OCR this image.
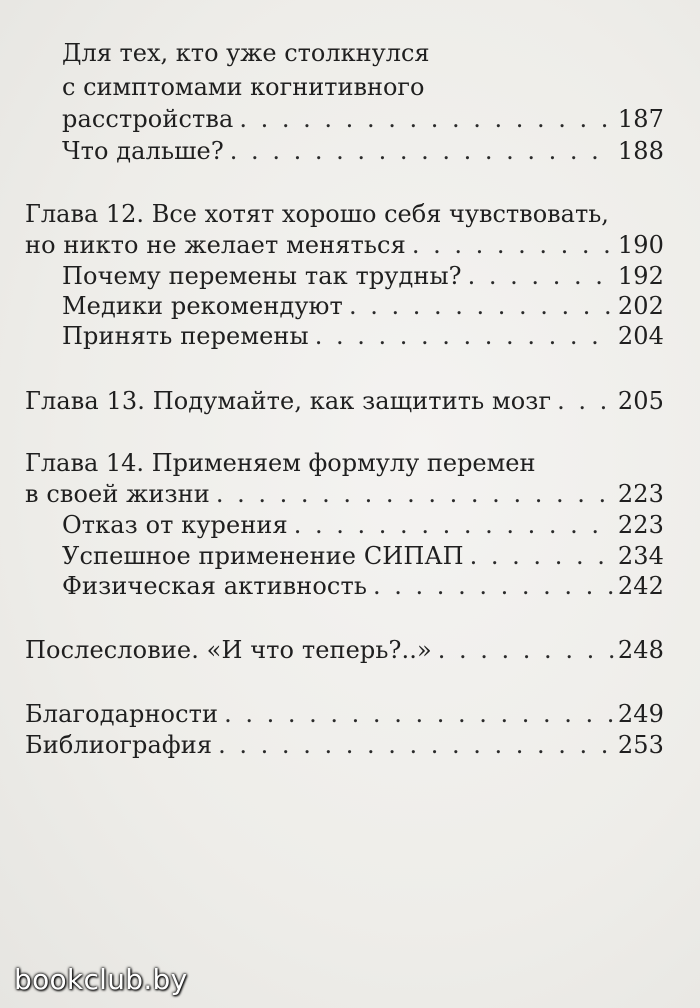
Для тех, кто уже столкнулся
с симптомами когнитивного
расстройства . . .	187
Что дальше? . . .	188
Глава 12. Все хотят хорошо себя чувствовать,
но никто не желает меняться . . .	190
Почему перемены так трудны? . . .	192
Медики рекомендуют . . .	202
Принять перемены . . .	204
Глава 13. Подумайте, как защитить мозг . . .	205
Глава 14. Применяем формулу перемен
в своей жизни . . .	223
Отказ от курения . . .	223
Успешное применение СИПАП . . .	234
Физическая активность . . .	242
Послесловие. «И что теперь?..» . . .	248
Благодарности . . .	249
Библиография . . .	253
bookclub.by
